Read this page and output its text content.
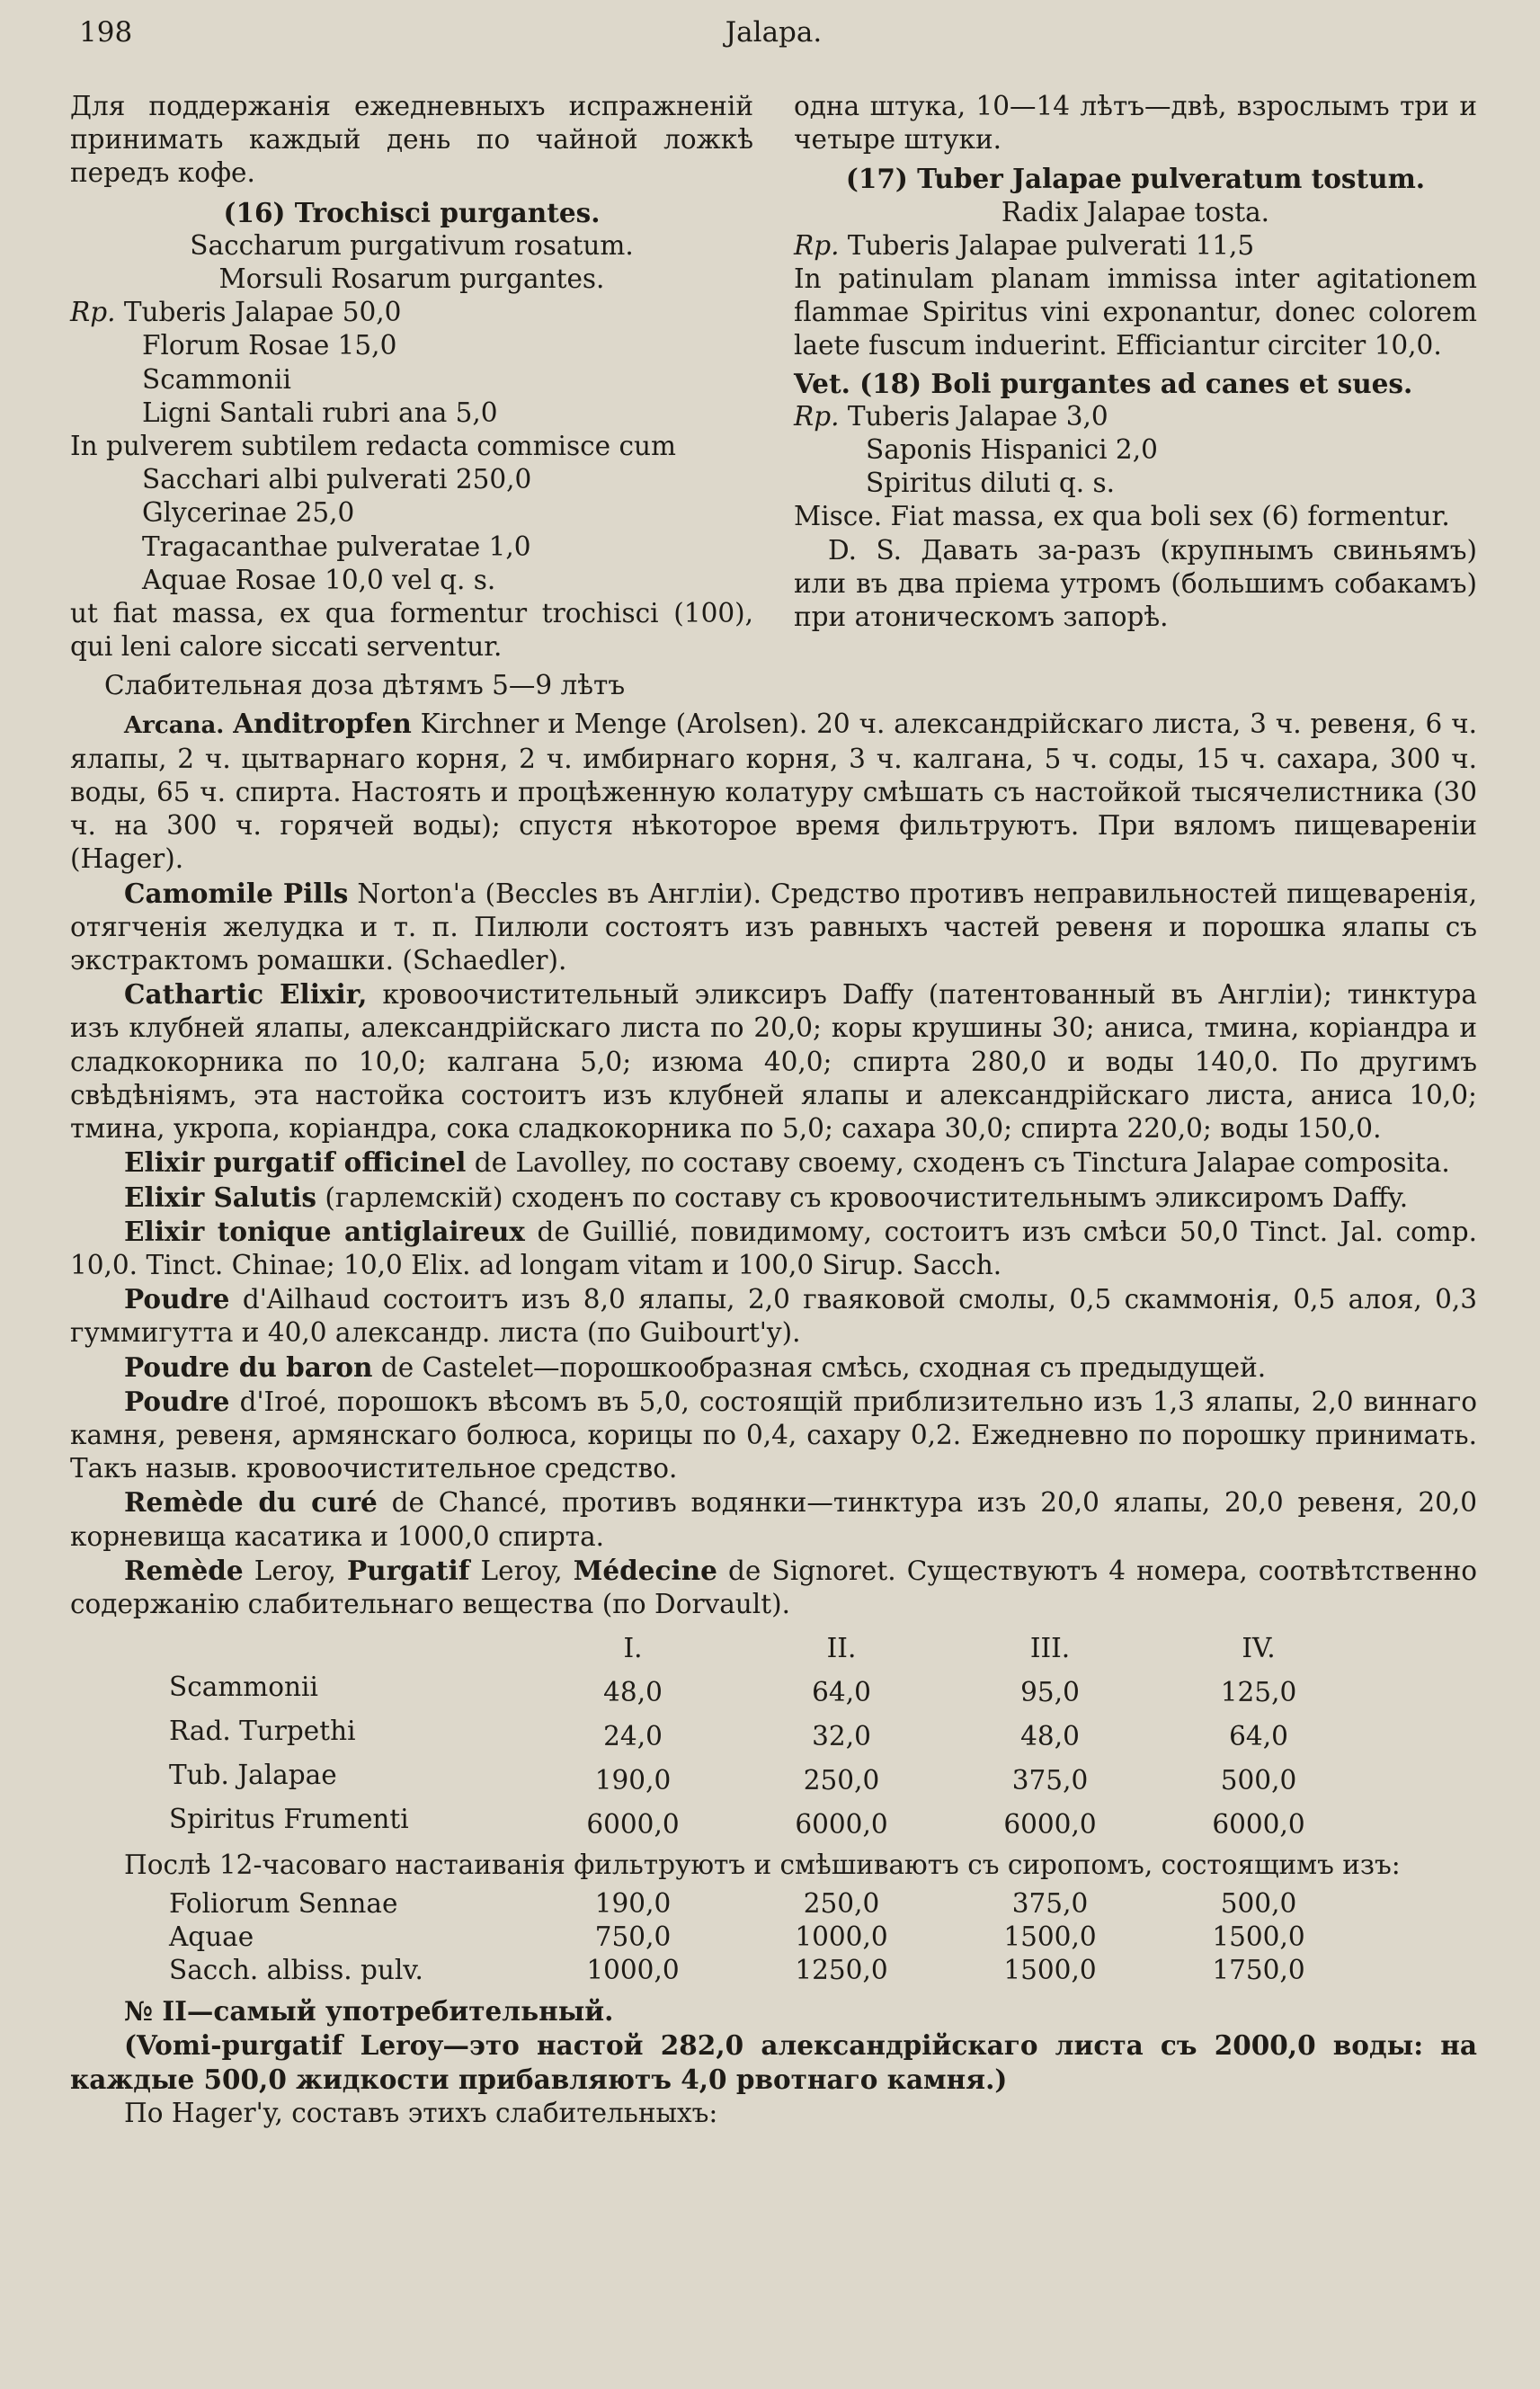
198	Jalapa.

Для поддержанія ежедневныхъ испражненій принимать каждый день по чайной ложкѣ передъ кофе.

(16) Trochisci purgantes.

Saccharum purgativum rosatum.

Morsuli Rosarum purgantes.

Rp. Tuberis Jalapae 50,0

Florum Rosae 15,0

Scammonii

Ligni Santali rubri ana 5,0

In pulverem subtilem redacta commisce cum

Sacchari albi pulverati 250,0

Glycerinae 25,0

Tragacanthae pulveratae 1,0

Aquae Rosae 10,0 vel q. s.

ut fiat massa, ex qua formentur trochisci (100), qui leni calore siccati serventur.

Слабительная доза дѣтямъ 5—9 лѣтъ

одна штука, 10—14 лѣтъ—двѣ, взрослымъ три и четыре штуки.

(17) Tuber Jalapae pulveratum tostum.

Radix Jalapae tosta.

Rp. Tuberis Jalapae pulverati 11,5

In patinulam planam immissa inter agitationem flammae Spiritus vini exponantur, donec colorem laete fuscum induerint. Efficiantur circiter 10,0.

Vet. (18) Boli purgantes ad canes et sues.

Rp. Tuberis Jalapae 3,0

Saponis Hispanici 2,0

Spiritus diluti q. s.

Misce. Fiat massa, ex qua boli sex (6) formentur.

D. S. Давать за-разъ (крупнымъ свиньямъ) или въ два пріема утромъ (большимъ собакамъ) при атоническомъ запорѣ.

Arcana. Anditropfen Kirchner и Menge (Arolsen). 20 ч. александрійскаго листа, 3 ч. ревеня, 6 ч. ялапы, 2 ч. цытварнаго корня, 2 ч. имбирнаго корня, 3 ч. калгана, 5 ч. соды, 15 ч. сахара, 300 ч. воды, 65 ч. спирта. Настоять и процѣженную колатуру смѣшать съ настойкой тысячелистника (30 ч. на 300 ч. горячей воды); спустя нѣкоторое время фильтруютъ. При вяломъ пищевареніи (Hager).

Camomile Pills Norton'a (Beccles въ Англіи). Средство противъ неправильностей пищеваренія, отягченія желудка и т. п. Пилюли состоятъ изъ равныхъ частей ревеня и порошка ялапы съ экстрактомъ ромашки. (Schaedler).

Cathartic Elixir, кровоочистительный эликсиръ Daffy (патентованный въ Англіи); тинктура изъ клубней ялапы, александрійскаго листа по 20,0; коры крушины 30; аниса, тмина, коріандра и сладкокорника по 10,0; калгана 5,0; изюма 40,0; спирта 280,0 и воды 140,0. По другимъ свѣдѣніямъ, эта настойка состоитъ изъ клубней ялапы и александрійскаго листа, аниса 10,0; тмина, укропа, коріандра, сока сладкокорника по 5,0; сахара 30,0; спирта 220,0; воды 150,0.

Elixir purgatif officinel de Lavolley, по составу своему, сходенъ съ Tinctura Jalapae composita.

Elixir Salutis (гарлемскій) сходенъ по составу съ кровоочистительнымъ эликсиромъ Daffy.

Elixir tonique antiglaireux de Guillié, повидимому, состоитъ изъ смѣси 50,0 Tinct. Jal. comp. 10,0. Tinct. Chinae; 10,0 Elix. ad longam vitam и 100,0 Sirup. Sacch.

Poudre d'Ailhaud состоитъ изъ 8,0 ялапы, 2,0 гваяковой смолы, 0,5 скаммонія, 0,5 алоя, 0,3 гуммигутта и 40,0 александр. листа (по Guibourt'y).

Poudre du baron de Castelet—порошкообразная смѣсь, сходная съ предыдущей.

Poudre d'Iroé, порошокъ вѣсомъ въ 5,0, состоящій приблизительно изъ 1,3 ялапы, 2,0 виннаго камня, ревеня, армянскаго болюса, корицы по 0,4, сахару 0,2. Ежедневно по порошку принимать. Такъ назыв. кровоочистительное средство.

Remède du curé de Chancé, противъ водянки—тинктура изъ 20,0 ялапы, 20,0 ревеня, 20,0 корневища касатика и 1000,0 спирта.

Remède Leroy, Purgatif Leroy, Médecine de Signoret. Существуютъ 4 номера, соотвѣтственно содержанію слабительнаго вещества (по Dorvault).

	I.	II.	III.	IV.
Scammonii	48,0	64,0	95,0	125,0
Rad. Turpethi	24,0	32,0	48,0	64,0
Tub. Jalapae	190,0	250,0	375,0	500,0
Spiritus Frumenti	6000,0	6000,0	6000,0	6000,0

Послѣ 12-часоваго настаиванія фильтруютъ и смѣшиваютъ съ сиропомъ, состоящимъ изъ:

Foliorum Sennae	190,0	250,0	375,0	500,0
Aquae	750,0	1000,0	1500,0	1500,0
Sacch. albiss. pulv.	1000,0	1250,0	1500,0	1750,0

№ II—самый употребительный.

(Vomi-purgatif Leroy—это настой 282,0 александрійскаго листа съ 2000,0 воды: на каждые 500,0 жидкости прибавляютъ 4,0 рвотнаго камня.)

По Hager'y, составъ этихъ слабительныхъ:
